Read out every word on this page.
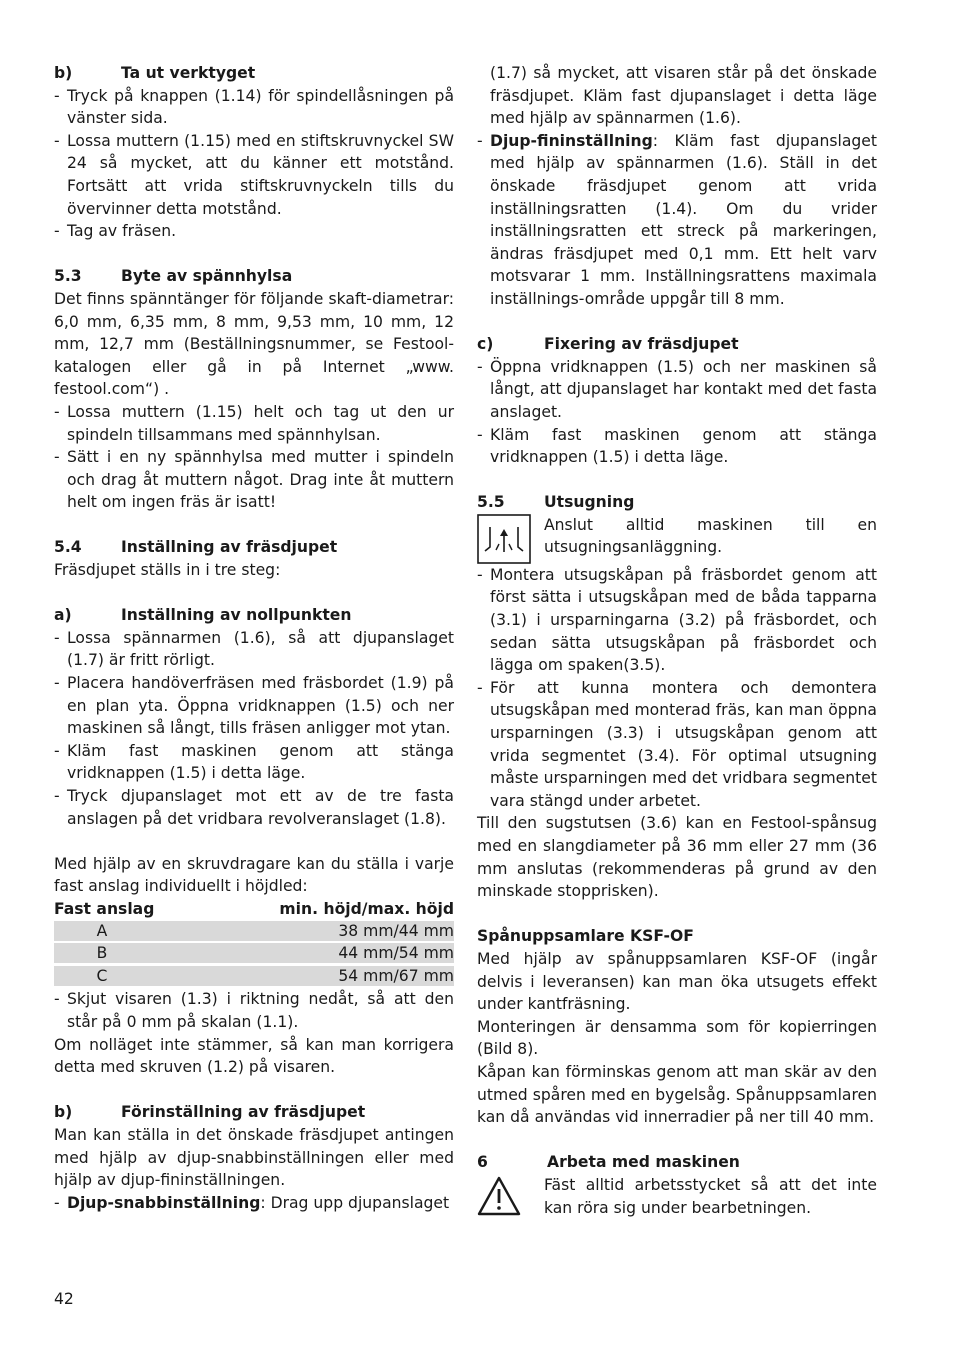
b)	Ta ut verktyget
- Tryck på knappen (1.14) för spindellåsningen på vänster sida.
- Lossa muttern (1.15) med en stiftskruvnyckel SW 24 så mycket, att du känner ett motstånd. Fortsätt att vrida stiftskruvnyckeln tills du övervinner detta motstånd.
- Tag av fräsen.
5.3	Byte av spännhylsa

Det finns spänntänger för följande skaft-diametrar: 6,0 mm, 6,35 mm, 8 mm, 9,53 mm, 10 mm, 12 mm, 12,7 mm (Beställningsnummer, se Festool-katalogen eller gå in på Internet „www. festool.com“) .

- Lossa muttern (1.15) helt och tag ut den ur spindeln tillsammans med spännhylsan.
- Sätt i en ny spännhylsa med mutter i spindeln och drag åt muttern något. Drag inte åt muttern helt om ingen fräs är isatt!
5.4	Inställning av fräsdjupet

Fräsdjupet ställs in i tre steg:

a)	Inställning av nollpunkten
- Lossa spännarmen (1.6), så att djupanslaget (1.7) är fritt rörligt.
- Placera handöverfräsen med fräsbordet (1.9) på en plan yta. Öppna vridknappen (1.5) och ner maskinen så långt, tills fräsen anligger mot ytan.
- Kläm fast maskinen genom att stänga vridknappen (1.5) i detta läge.
- Tryck djupanslaget mot ett av de tre fasta anslagen på det vridbara revolveranslaget (1.8).

Med hjälp av en skruvdragare kan du ställa i varje fast anslag individuellt i höjdled:

Fast anslag	min. höjd/max. höjd
A	38 mm/44 mm
B	44 mm/54 mm
C	54 mm/67 mm
- Skjut visaren (1.3) i riktning nedåt, så att den står på 0 mm på skalan (1.1).

Om nolläget inte stämmer, så kan man korrigera detta med skruven (1.2) på visaren.

b)	Förinställning av fräsdjupet

Man kan ställa in det önskade fräsdjupet antingen med hjälp av djup-snabbinställningen eller med hjälp av djup-fininställningen.

- Djup-snabbinställning: Drag upp djupanslaget
(1.7) så mycket, att visaren står på det önskade fräsdjupet. Kläm fast djupanslaget i detta läge med hjälp av spännarmen (1.6).
- Djup-fininställning: Kläm fast djupanslaget med hjälp av spännarmen (1.6). Ställ in det önskade fräsdjupet genom att vrida inställningsratten (1.4). Om du vrider inställningsratten ett streck på markeringen, ändras fräsdjupet med 0,1 mm. Ett helt varv motsvarar 1 mm. Inställningsrattens maximala inställnings-område uppgår till 8 mm.
c)	Fixering av fräsdjupet
- Öppna vridknappen (1.5) och ner maskinen så långt, att djupanslaget har kontakt med det fasta anslaget.
- Kläm fast maskinen genom att stänga vridknappen (1.5) i detta läge.
5.5	Utsugning
Anslut alltid maskinen till en utsugningsanläggning.
- Montera utsugskåpan på fräsbordet genom att först sätta i utsugskåpan med de båda tapparna (3.1) i ursparningarna (3.2) på fräsbordet, och sedan sätta utsugskåpan på fräsbordet och lägga om spaken(3.5).
- För att kunna montera och demontera utsugskåpan med monterad fräs, kan man öppna ursparningen (3.3) i utsugskåpan genom att vrida segmentet (3.4). För optimal utsugning måste ursparningen med det vridbara segmentet vara stängd under arbetet.

Till den sugstutsen (3.6) kan en Festool-spånsug med en slangdiameter på 36 mm eller 27 mm (36 mm anslutas (rekommenderas på grund av den minskade stopprisken).

Spånuppsamlare KSF-OF

Med hjälp av spånuppsamlaren KSF-OF (ingår delvis i leveransen) kan man öka utsugets effekt under kantfräsning.

Monteringen är densamma som för kopierringen (Bild 8).

Kåpan kan förminskas genom att man skär av den utmed spåren med en bygelsåg. Spånuppsamlaren kan då användas vid innerradier på ner till 40 mm.

6	Arbeta med maskinen
Fäst alltid arbetsstycket så att det inte kan röra sig under bearbetningen.
42
